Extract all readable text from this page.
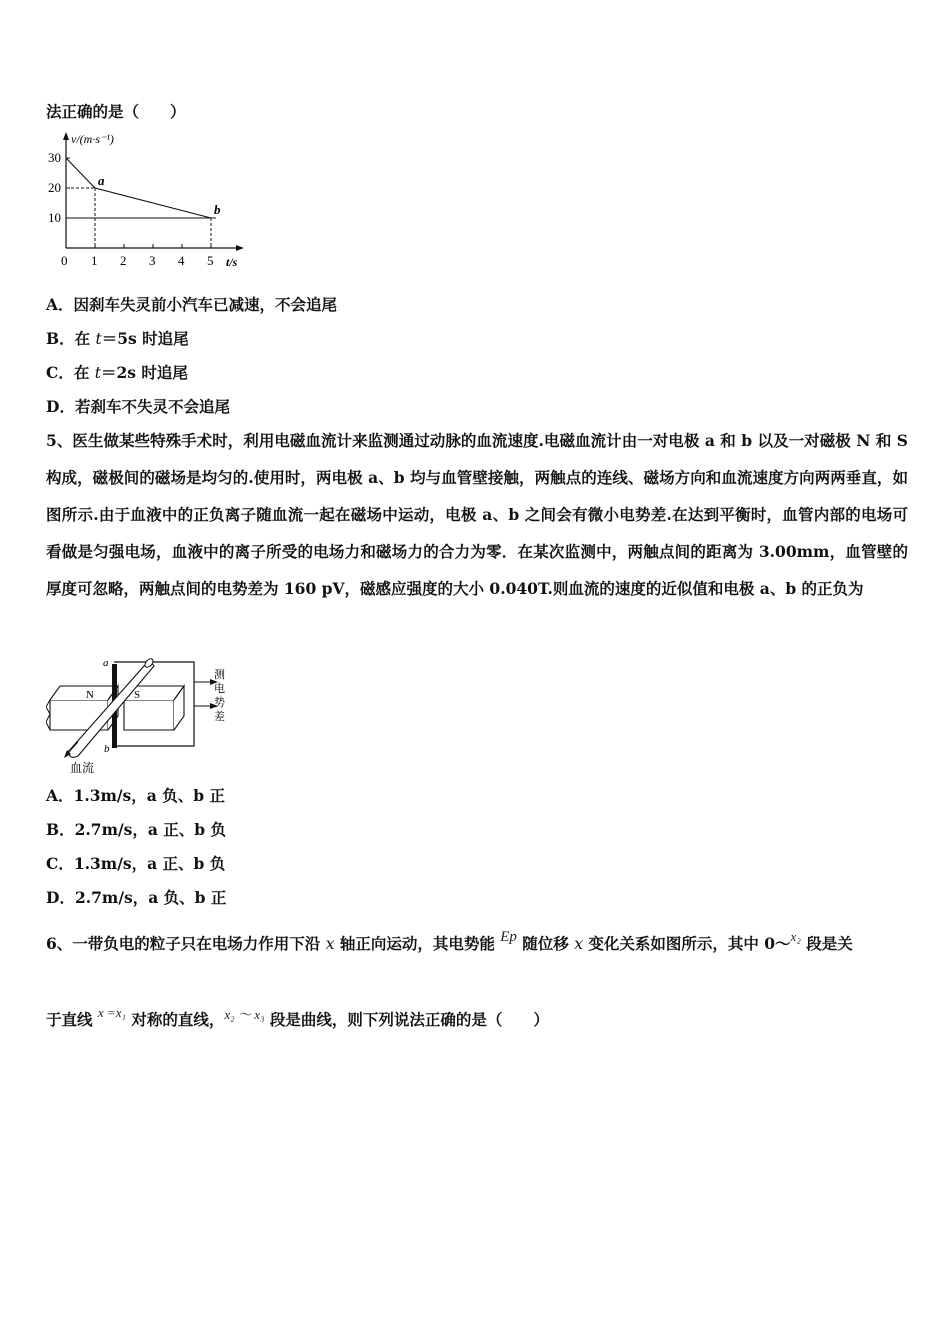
法正确的是（　　）
v/(m·s⁻¹)
t/s
a
b
30
20
10
0 1 2 3 4 5
A．因刹车失灵前小汽车已减速，不会追尾
B．在 t＝5s 时追尾
C．在 t＝2s 时追尾
D．若刹车不失灵不会追尾
5、医生做某些特殊手术时，利用电磁血流计来监测通过动脉的血流速度.电磁血流计由一对电极 a 和 b 以及一对磁极 N 和 S 构成，磁极间的磁场是均匀的.使用时，两电极 a、b 均与血管壁接触，两触点的连线、磁场方向和血流速度方向两两垂直，如图所示.由于血液中的正负离子随血流一起在磁场中运动，电极 a、b 之间会有微小电势差.在达到平衡时，血管内部的电场可看做是匀强电场，血液中的离子所受的电场力和磁场力的合力为零．在某次监测中，两触点间的距离为 3.00mm，血管壁的厚度可忽略，两触点间的电势差为 160 pV，磁感应强度的大小 0.040T.则血流的速度的近似值和电极 a、b 的正负为
a
b
N	S
血流
测
电
势
差
A．1.3m/s，a 负、b 正
B．2.7m/s，a 正、b 负
C．1.3m/s，a 正、b 负
D．2.7m/s，a 负、b 正
6、一带负电的粒子只在电场力作用下沿 x 轴正向运动，其电势能 Ep 随位移 x 变化关系如图所示，其中 0～$^{x_2}$ 段是关
于直线 $^{x =x_1}$ 对称的直线，$^{x_2 \sim x_3}$ 段是曲线，则下列说法正确的是（　　）
